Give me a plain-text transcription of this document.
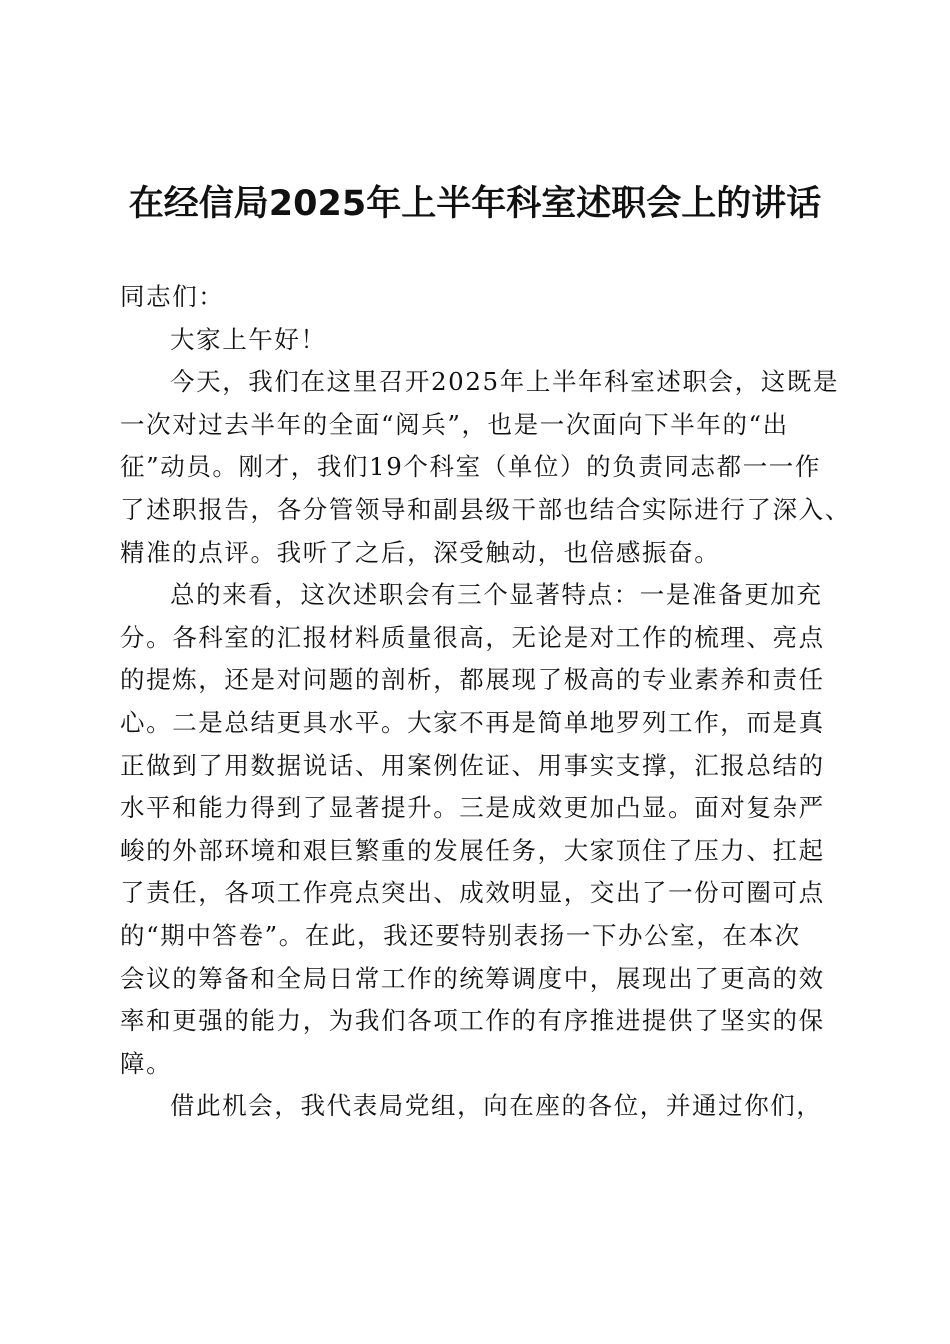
在经信局2025年上半年科室述职会上的讲话
同志们：
大家上午好！
今天，我们在这里召开2025年上半年科室述职会，这既是
一次对过去半年的全面“阅兵”，也是一次面向下半年的“出
征”动员。刚才，我们19个科室（单位）的负责同志都一一作
了述职报告，各分管领导和副县级干部也结合实际进行了深入、
精准的点评。我听了之后，深受触动，也倍感振奋。
总的来看，这次述职会有三个显著特点：一是准备更加充
分。各科室的汇报材料质量很高，无论是对工作的梳理、亮点
的提炼，还是对问题的剖析，都展现了极高的专业素养和责任
心。二是总结更具水平。大家不再是简单地罗列工作，而是真
正做到了用数据说话、用案例佐证、用事实支撑，汇报总结的
水平和能力得到了显著提升。三是成效更加凸显。面对复杂严
峻的外部环境和艰巨繁重的发展任务，大家顶住了压力、扛起
了责任，各项工作亮点突出、成效明显，交出了一份可圈可点
的“期中答卷”。在此，我还要特别表扬一下办公室，在本次
会议的筹备和全局日常工作的统筹调度中，展现出了更高的效
率和更强的能力，为我们各项工作的有序推进提供了坚实的保
障。
借此机会，我代表局党组，向在座的各位，并通过你们，
